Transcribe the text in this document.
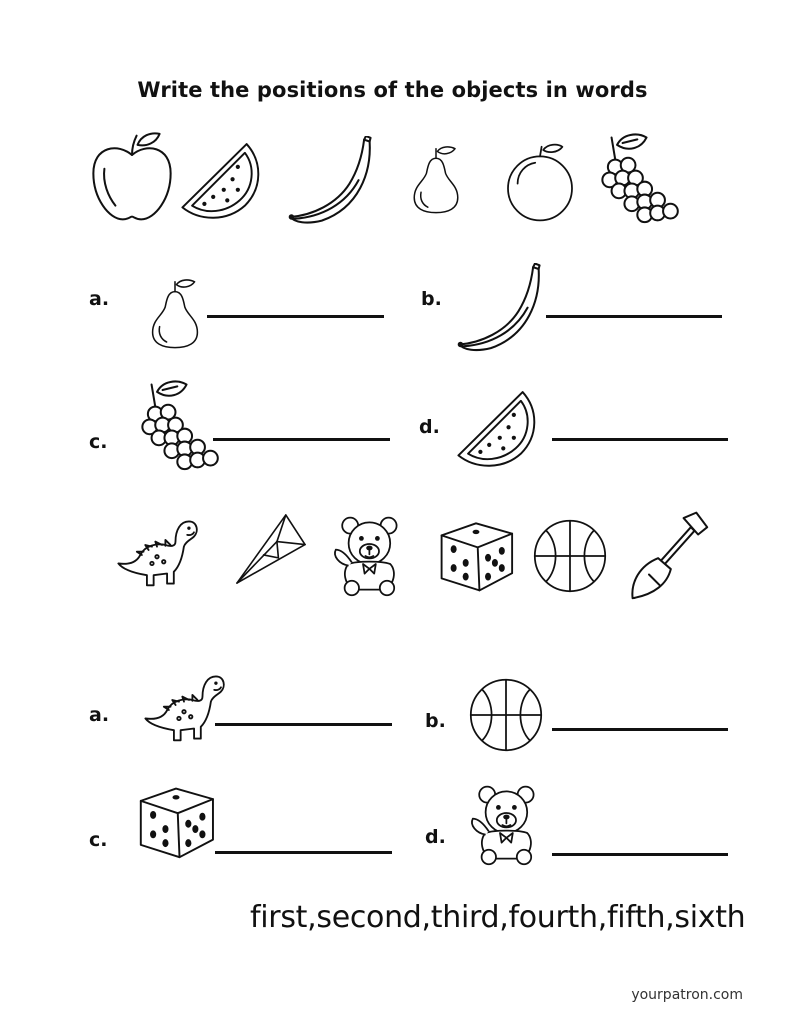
Write the positions of the objects in words
a.	b.
c.
d.
a.	b.
c.	d.
first,second,third,fourth,fifth,sixth
yourpatron.com
